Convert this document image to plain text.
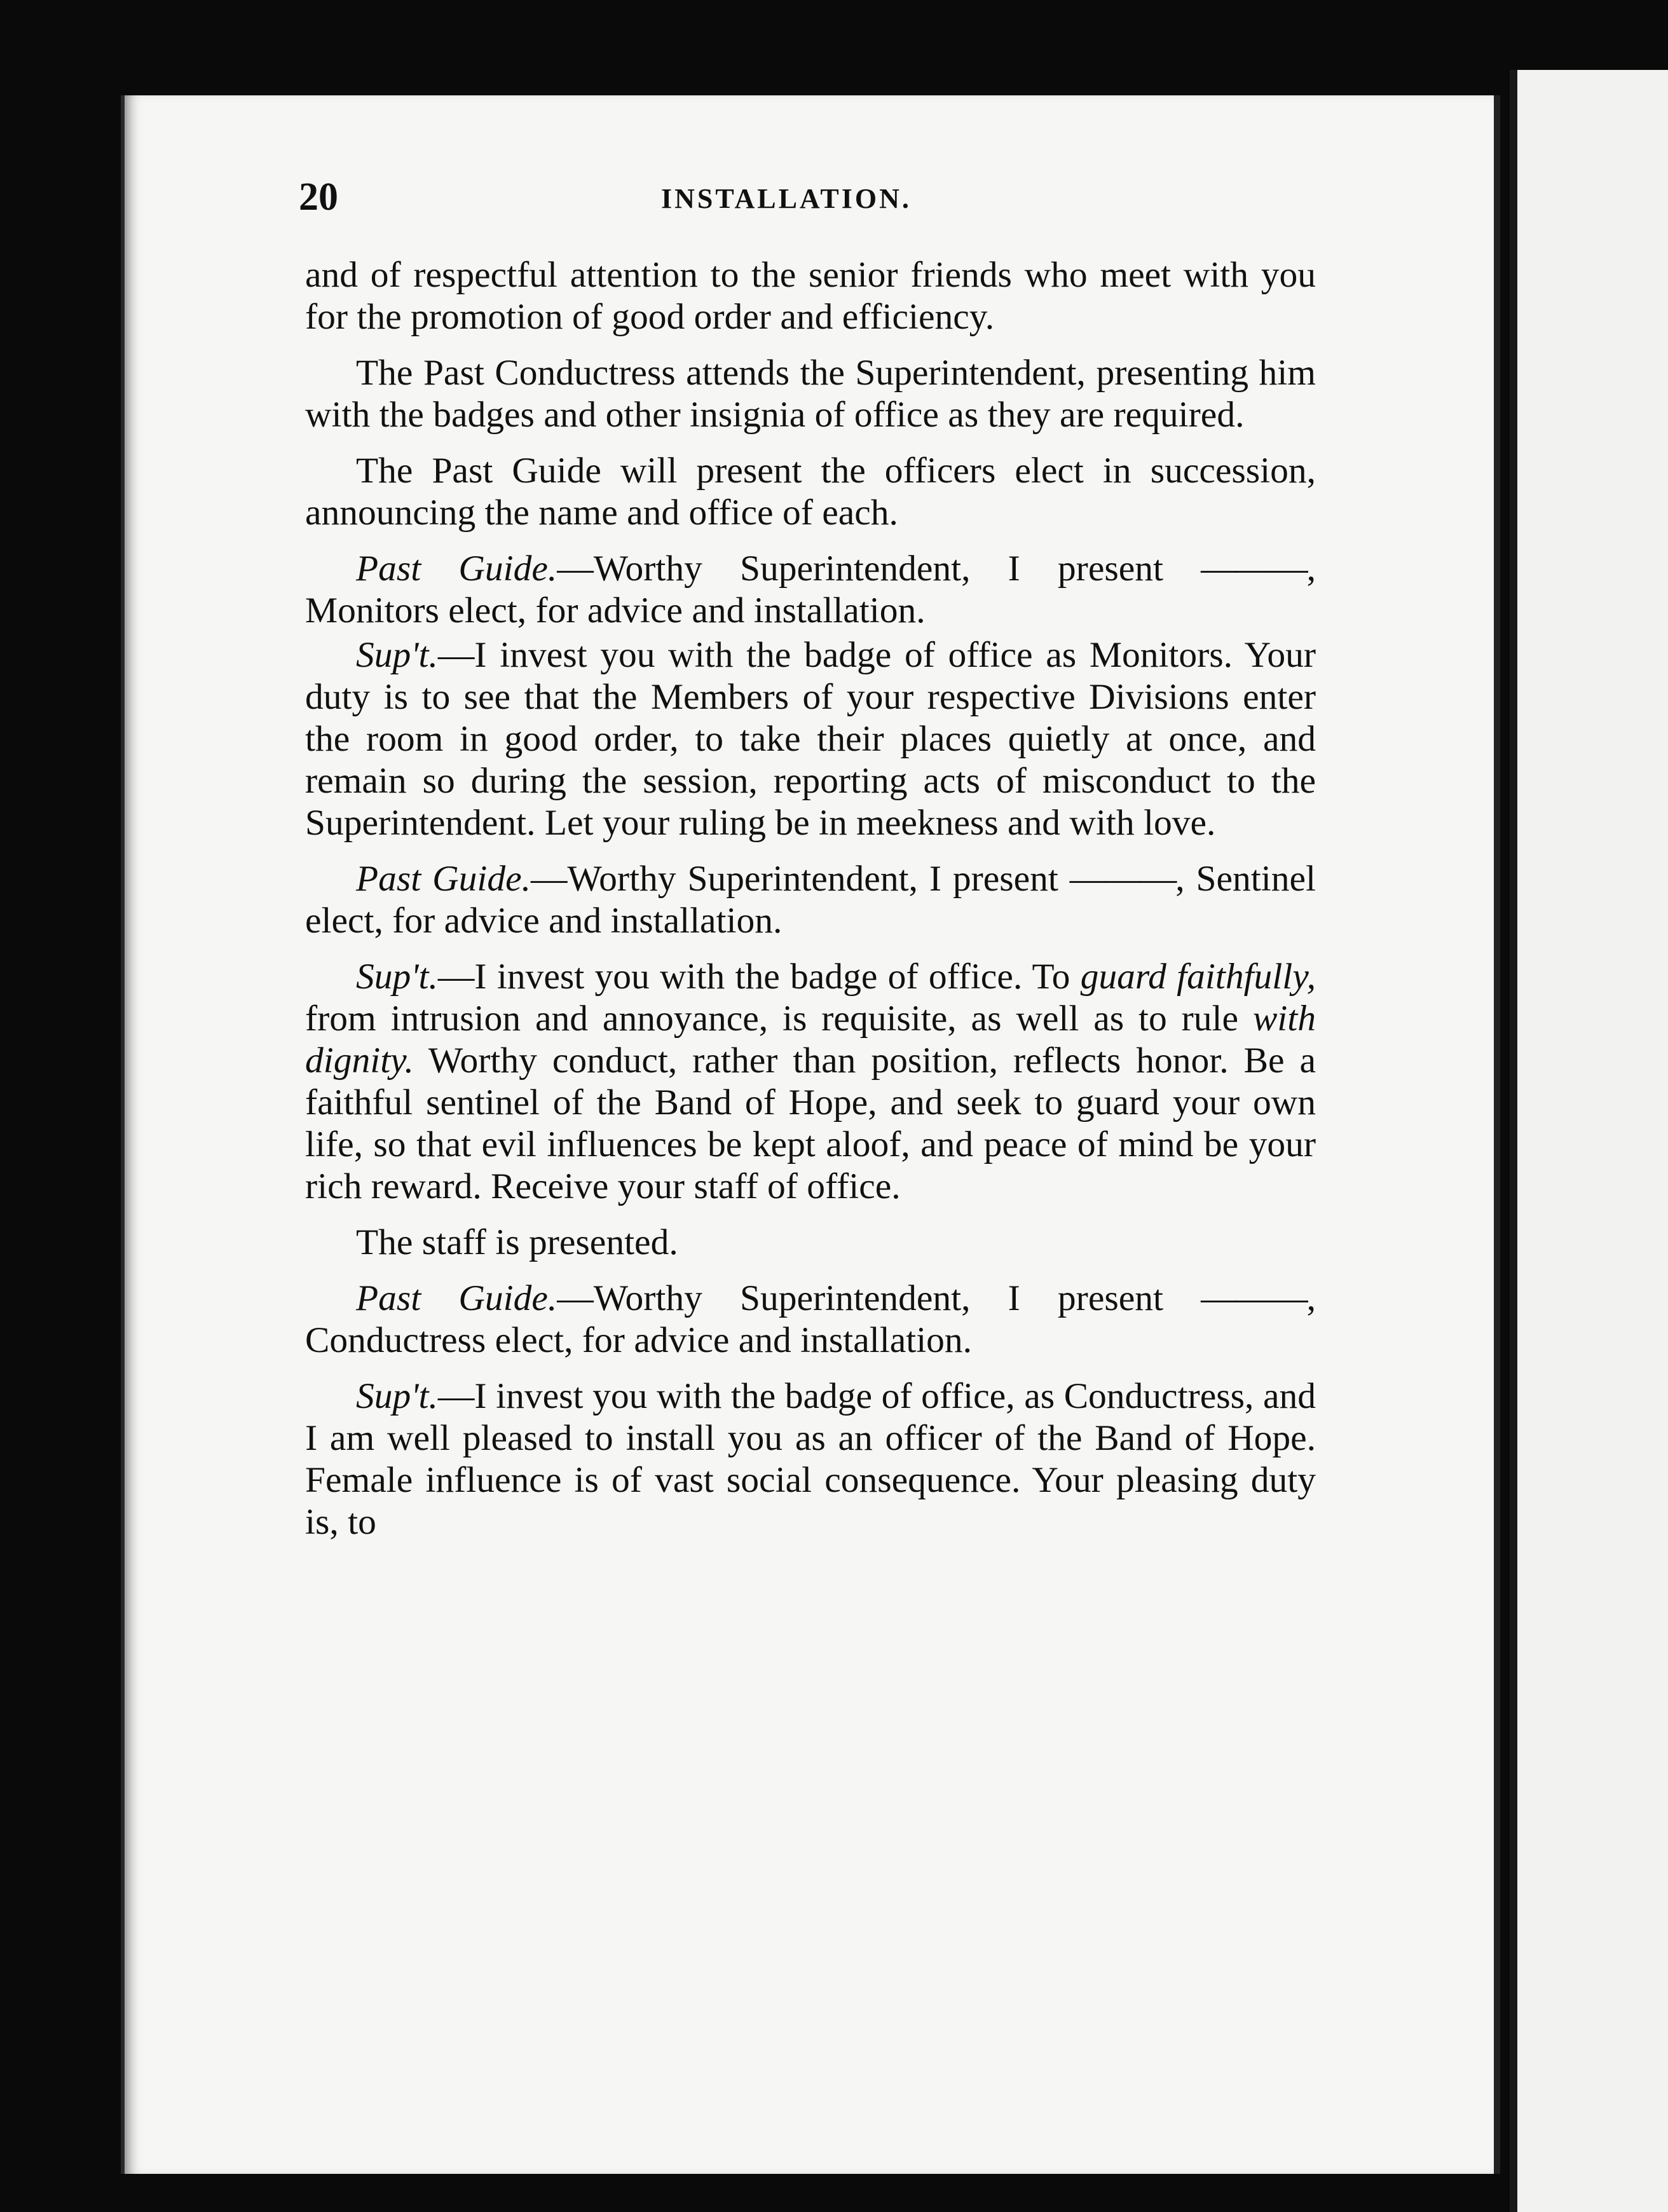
20	INSTALLATION.

and of respectful attention to the senior friends who meet with you for the promotion of good order and efficiency.

The Past Conductress attends the Superintendent, presenting him with the badges and other insignia of office as they are required.

The Past Guide will present the officers elect in succession, announcing the name and office of each.

Past Guide.—Worthy Superintendent, I present ———, Monitors elect, for advice and installation.

Sup't.—I invest you with the badge of office as Monitors. Your duty is to see that the Members of your respective Divisions enter the room in good order, to take their places quietly at once, and remain so during the session, reporting acts of misconduct to the Superintendent. Let your ruling be in meekness and with love.

Past Guide.—Worthy Superintendent, I present ———, Sentinel elect, for advice and installation.

Sup't.—I invest you with the badge of office. To guard faithfully, from intrusion and annoyance, is requisite, as well as to rule with dignity. Worthy conduct, rather than position, reflects honor. Be a faithful sentinel of the Band of Hope, and seek to guard your own life, so that evil influences be kept aloof, and peace of mind be your rich reward. Receive your staff of office.

The staff is presented.

Past Guide.—Worthy Superintendent, I present ———, Conductress elect, for advice and installation.

Sup't.—I invest you with the badge of office, as Conductress, and I am well pleased to install you as an officer of the Band of Hope. Female influence is of vast social consequence. Your pleasing duty is, to
